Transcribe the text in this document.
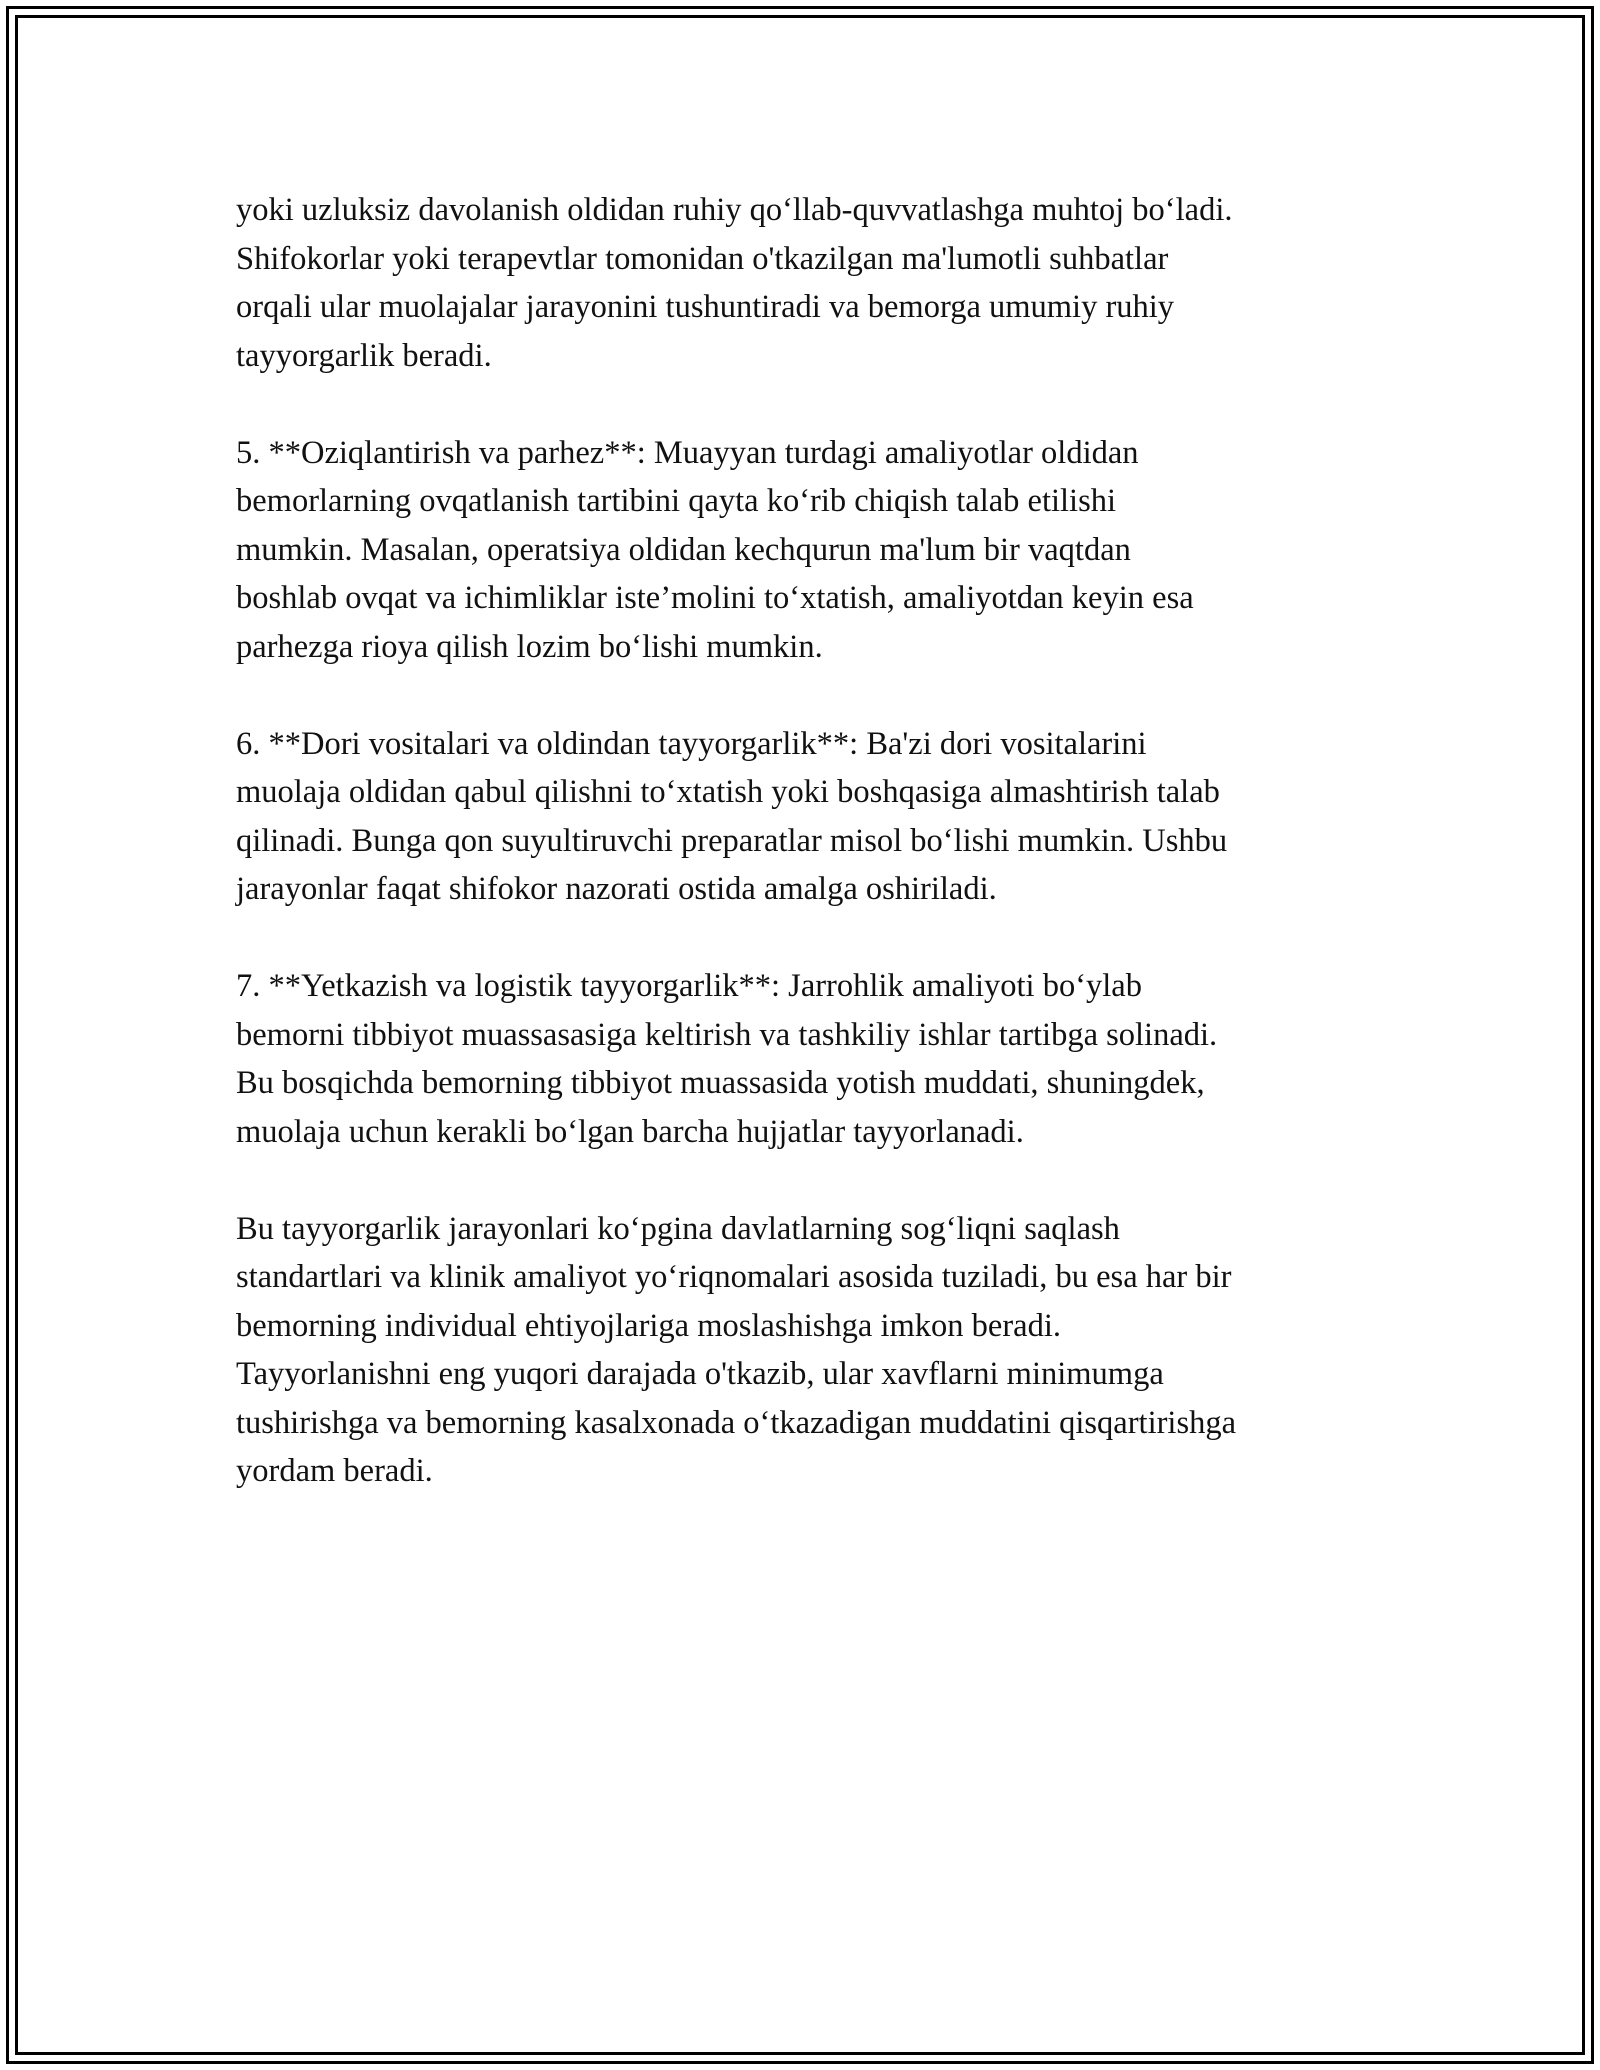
yoki uzluksiz davolanish oldidan ruhiy qo‘llab-quvvatlashga muhtoj bo‘ladi.
Shifokorlar yoki terapevtlar tomonidan o'tkazilgan ma'lumotli suhbatlar
orqali ular muolajalar jarayonini tushuntiradi va bemorga umumiy ruhiy
tayyorgarlik beradi.

5. **Oziqlantirish va parhez**: Muayyan turdagi amaliyotlar oldidan
bemorlarning ovqatlanish tartibini qayta ko‘rib chiqish talab etilishi
mumkin. Masalan, operatsiya oldidan kechqurun ma'lum bir vaqtdan
boshlab ovqat va ichimliklar iste’molini to‘xtatish, amaliyotdan keyin esa
parhezga rioya qilish lozim bo‘lishi mumkin.

6. **Dori vositalari va oldindan tayyorgarlik**: Ba'zi dori vositalarini
muolaja oldidan qabul qilishni to‘xtatish yoki boshqasiga almashtirish talab
qilinadi. Bunga qon suyultiruvchi preparatlar misol bo‘lishi mumkin. Ushbu
jarayonlar faqat shifokor nazorati ostida amalga oshiriladi.

7. **Yetkazish va logistik tayyorgarlik**: Jarrohlik amaliyoti bo‘ylab
bemorni tibbiyot muassasasiga keltirish va tashkiliy ishlar tartibga solinadi.
Bu bosqichda bemorning tibbiyot muassasida yotish muddati, shuningdek,
muolaja uchun kerakli bo‘lgan barcha hujjatlar tayyorlanadi.

Bu tayyorgarlik jarayonlari ko‘pgina davlatlarning sog‘liqni saqlash
standartlari va klinik amaliyot yo‘riqnomalari asosida tuziladi, bu esa har bir
bemorning individual ehtiyojlariga moslashishga imkon beradi.
Tayyorlanishni eng yuqori darajada o'tkazib, ular xavflarni minimumga
tushirishga va bemorning kasalxonada o‘tkazadigan muddatini qisqartirishga
yordam beradi.
